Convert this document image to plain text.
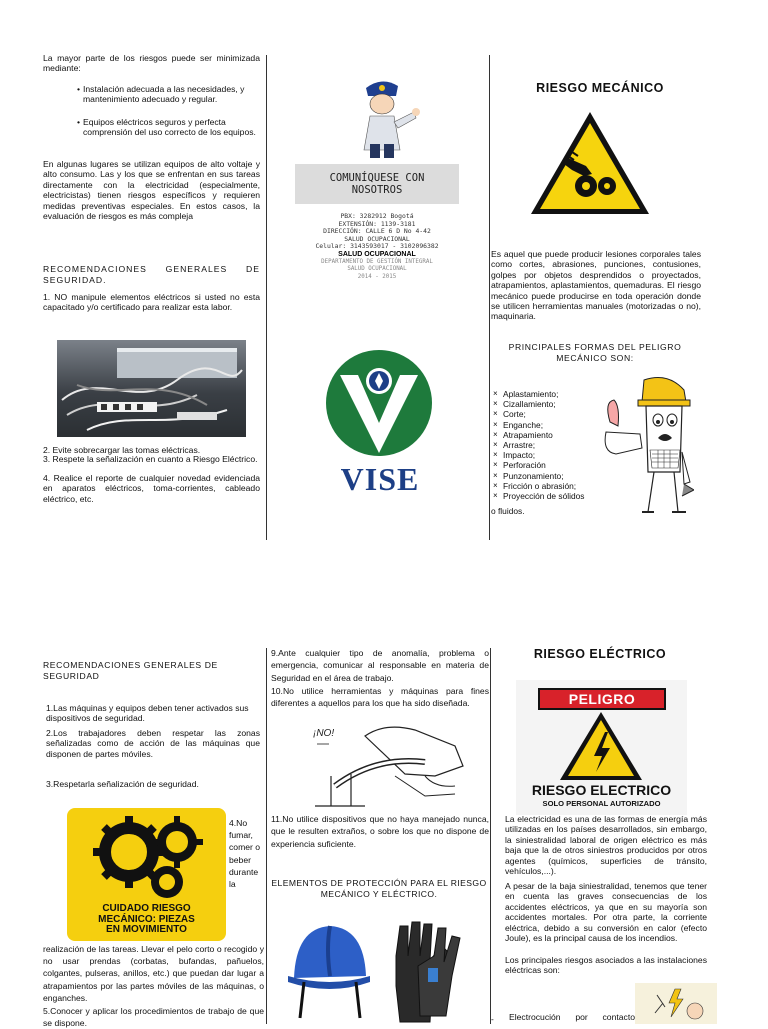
La mayor parte de los riesgos puede ser minimizada mediante:
• Instalación adecuada a las necesidades, y mantenimiento adecuado y regular.
• Equipos eléctricos seguros y perfecta comprensión del uso correcto de los equipos.
En algunas lugares se utilizan equipos de alto voltaje y alto consumo. Las y los que se enfrentan en sus tareas directamente con la electricidad (especialmente, electricistas) tienen riesgos específicos y requieren medidas preventivas especiales. En estos casos, la evaluación de riesgos es más compleja
RECOMENDACIONES GENERALES DE SEGURIDAD.
1. NO manipule elementos eléctricos si usted no esta capacitado y/o certificado para realizar esta labor.
2. Evite sobrecargar las tomas eléctricas.
3. Respete la señalización en cuanto a Riesgo Eléctrico.
4. Realice el reporte de cualquier novedad evidenciada en aparatos eléctricos, toma-corrientes, cableado eléctrico, etc.
COMUNÍQUESE CON NOSOTROS
PBX: 3282912 Bogotá
EXTENSIÓN: 1139-3181
DIRECCIÓN: CALLE 6 D No 4-42
SALUD OCUPACIONAL
Celular: 3143593017 - 3102096382
SALUD OCUPACIONAL
DEPARTAMENTO DE GESTIÓN INTEGRAL
SALUD OCUPACIONAL
2014 - 2015
VISE
RIESGO MECÁNICO
Es aquel que puede producir lesiones corporales tales como cortes, abrasiones, punciones, contusiones, golpes por objetos desprendidos o proyectados, atrapamientos, aplastamientos, quemaduras. El riesgo mecánico puede producirse en toda operación donde se utilicen herramientas manuales (motorizadas o no), maquinaria.
PRINCIPALES FORMAS DEL PELIGRO MECÁNICO SON:
× Aplastamiento;
× Cizallamiento;
× Corte;
× Enganche;
× Atrapamiento
× Arrastre;
× Impacto;
× Perforación
× Punzonamiento;
× Fricción o abrasión;
× Proyección de sólidos
o fluidos.
RECOMENDACIONES GENERALES DE SEGURIDAD
1.Las máquinas y equipos deben tener activados sus dispositivos de seguridad.
2.Los trabajadores deben respetar las zonas señalizadas como de acción de las máquinas que disponen de partes móviles.
3.Respetarla señalización de seguridad.
CUIDADO RIESGO
MECÁNICO: PIEZAS
EN MOVIMIENTO
4.No
fumar,
comer o
beber
durante
la
realización de las tareas. Llevar el pelo corto o recogido y no usar prendas (corbatas, bufandas, pañuelos, colgantes, pulseras, anillos, etc.) que puedan dar lugar a atrapamientos por las partes móviles de las máquinas, o enganches.
5.Conocer y aplicar los procedimientos de trabajo de que se dispone.
9.Ante cualquier tipo de anomalía, problema o emergencia, comunicar al responsable en materia de Seguridad en el área de trabajo.
10.No utilice herramientas y máquinas para fines diferentes a aquellos para los que ha sido diseñada.
¡NO!
11.No utilice dispositivos que no haya manejado nunca, que le resulten extraños, o sobre los que no dispone de experiencia suficiente.
ELEMENTOS DE PROTECCIÓN PARA EL RIESGO MECÁNICO Y ELÉCTRICO.
RIESGO ELÉCTRICO
PELIGRO
RIESGO ELECTRICO
SOLO PERSONAL AUTORIZADO
La electricidad es una de las formas de energía más utilizadas en los países desarrollados, sin embargo, la siniestralidad laboral de origen eléctrico es más baja que la de otros siniestros producidos por otros agentes (químicos, superficies de tránsito, vehículos,...).
A pesar de la baja siniestralidad, tenemos que tener en cuenta las graves consecuencias de los accidentes eléctricos, ya que en su mayoría son accidentes mortales. Por otra parte, la corriente eléctrica, debido a su conversión en calor (efecto Joule), es la principal causa de los incendios.
Los principales riesgos asociados a las instalaciones eléctricas son:
- Electrocución por contacto
